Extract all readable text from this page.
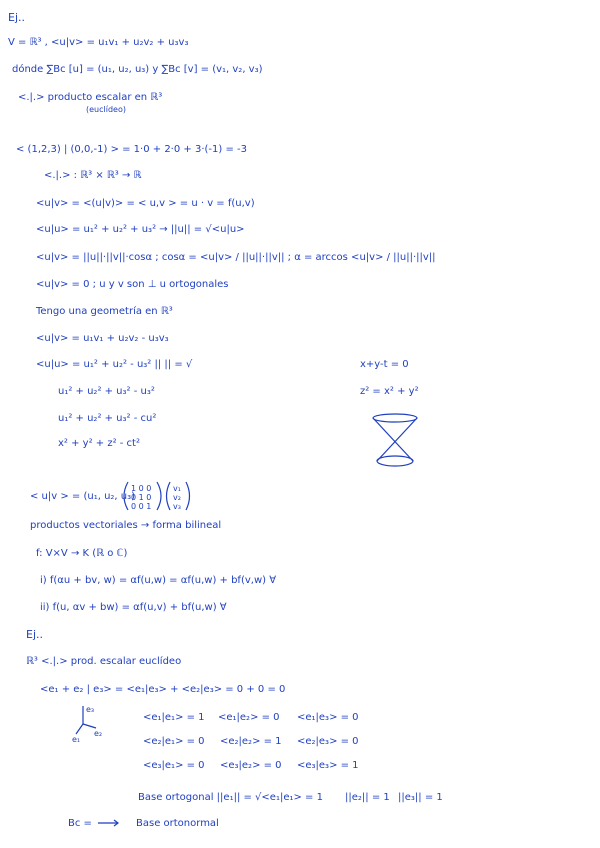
Ej..
V = ℝ³ , <u|v> = u₁v₁ + u₂v₂ + u₃v₃
dónde ∑Bc [u] = (u₁, u₂, u₃) y ∑Bc [v] = (v₁, v₂, v₃)
<.|.> producto escalar en ℝ³
(euclídeo)
< (1,2,3) | (0,0,-1) > = 1·0 + 2·0 + 3·(-1) = -3
<.|.> : ℝ³ × ℝ³ → ℝ
<u|v> = <(u|v)> = < u,v > = u · v = f(u,v)
<u|u> = u₁² + u₂² + u₃² → ||u|| = √<u|u>
<u|v> = ||u||·||v||·cosα ; cosα = <u|v> / ||u||·||v|| ; α = arccos <u|v> / ||u||·||v||
<u|v> = 0 ; u y v son ⊥ u ortogonales
Tengo una geometría en ℝ³
<u|v> = u₁v₁ + u₂v₂ - u₃v₃
<u|u> = u₁² + u₂² - u₃² || || = √	x+y-t = 0
u₁² + u₂² + u₃² - u₃²	z² = x² + y²
u₁² + u₂² + u₃² - cu²
x² + y² + z² - ct²
< u|v > = (u₁, u₂, u₃)
1 0 0
0 1 0
0 0 1
v₁
v₂
v₃
productos vectoriales → forma bilineal
f: V×V → K (ℝ o ℂ)
i) f(αu + bv, w) = αf(u,w) = αf(u,w) + bf(v,w) ∀
ii) f(u, αv + bw) = αf(u,v) + bf(u,w) ∀
Ej..
ℝ³ <.|.> prod. escalar euclídeo
<e₁ + e₂ | e₃> = <e₁|e₃> + <e₂|e₃> = 0 + 0 = 0
e₃
e₁
e₂
<e₁|e₁> = 1 <e₁|e₂> = 0 <e₁|e₃> = 0
<e₂|e₁> = 0 <e₂|e₂> = 1 <e₂|e₃> = 0
<e₃|e₁> = 0 <e₃|e₂> = 0 <e₃|e₃> = 1
Base ortogonal ||e₁|| = √<e₁|e₁> = 1 ||e₂|| = 1 ||e₃|| = 1
Bc =	Base ortonormal
